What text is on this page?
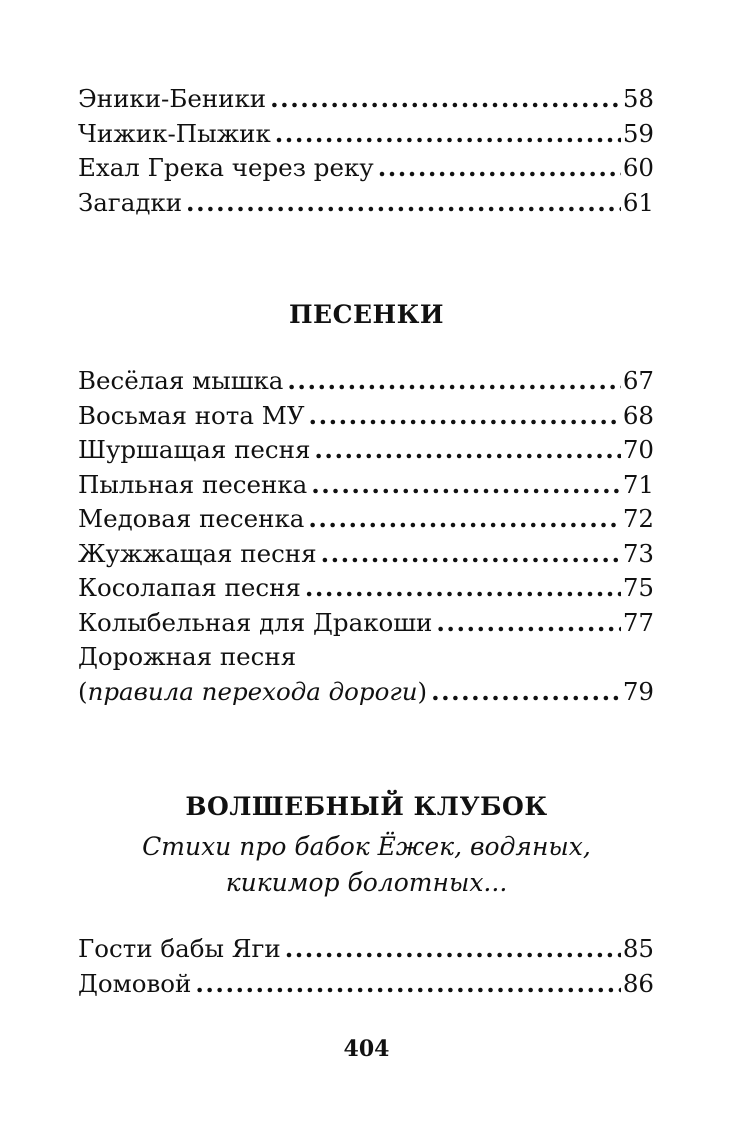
Эники-Беники .....	58
Чижик-Пыжик .....	59
Ехал Грека через реку .....	60
Загадки .....	61
ПЕСЕНКИ
Весёлая мышка .....	67
Восьмая нота МУ .....	68
Шуршащая песня .....	70
Пыльная песенка .....	71
Медовая песенка .....	72
Жужжащая песня .....	73
Косолапая песня .....	75
Колыбельная для Дракоши .....	77
Дорожная песня
(правила перехода дороги) .....	79
ВОЛШЕБНЫЙ КЛУБОК
Стихи про бабок Ёжек, водяных,
кикимор болотных...
Гости бабы Яги .....	85
Домовой .....	86
404
